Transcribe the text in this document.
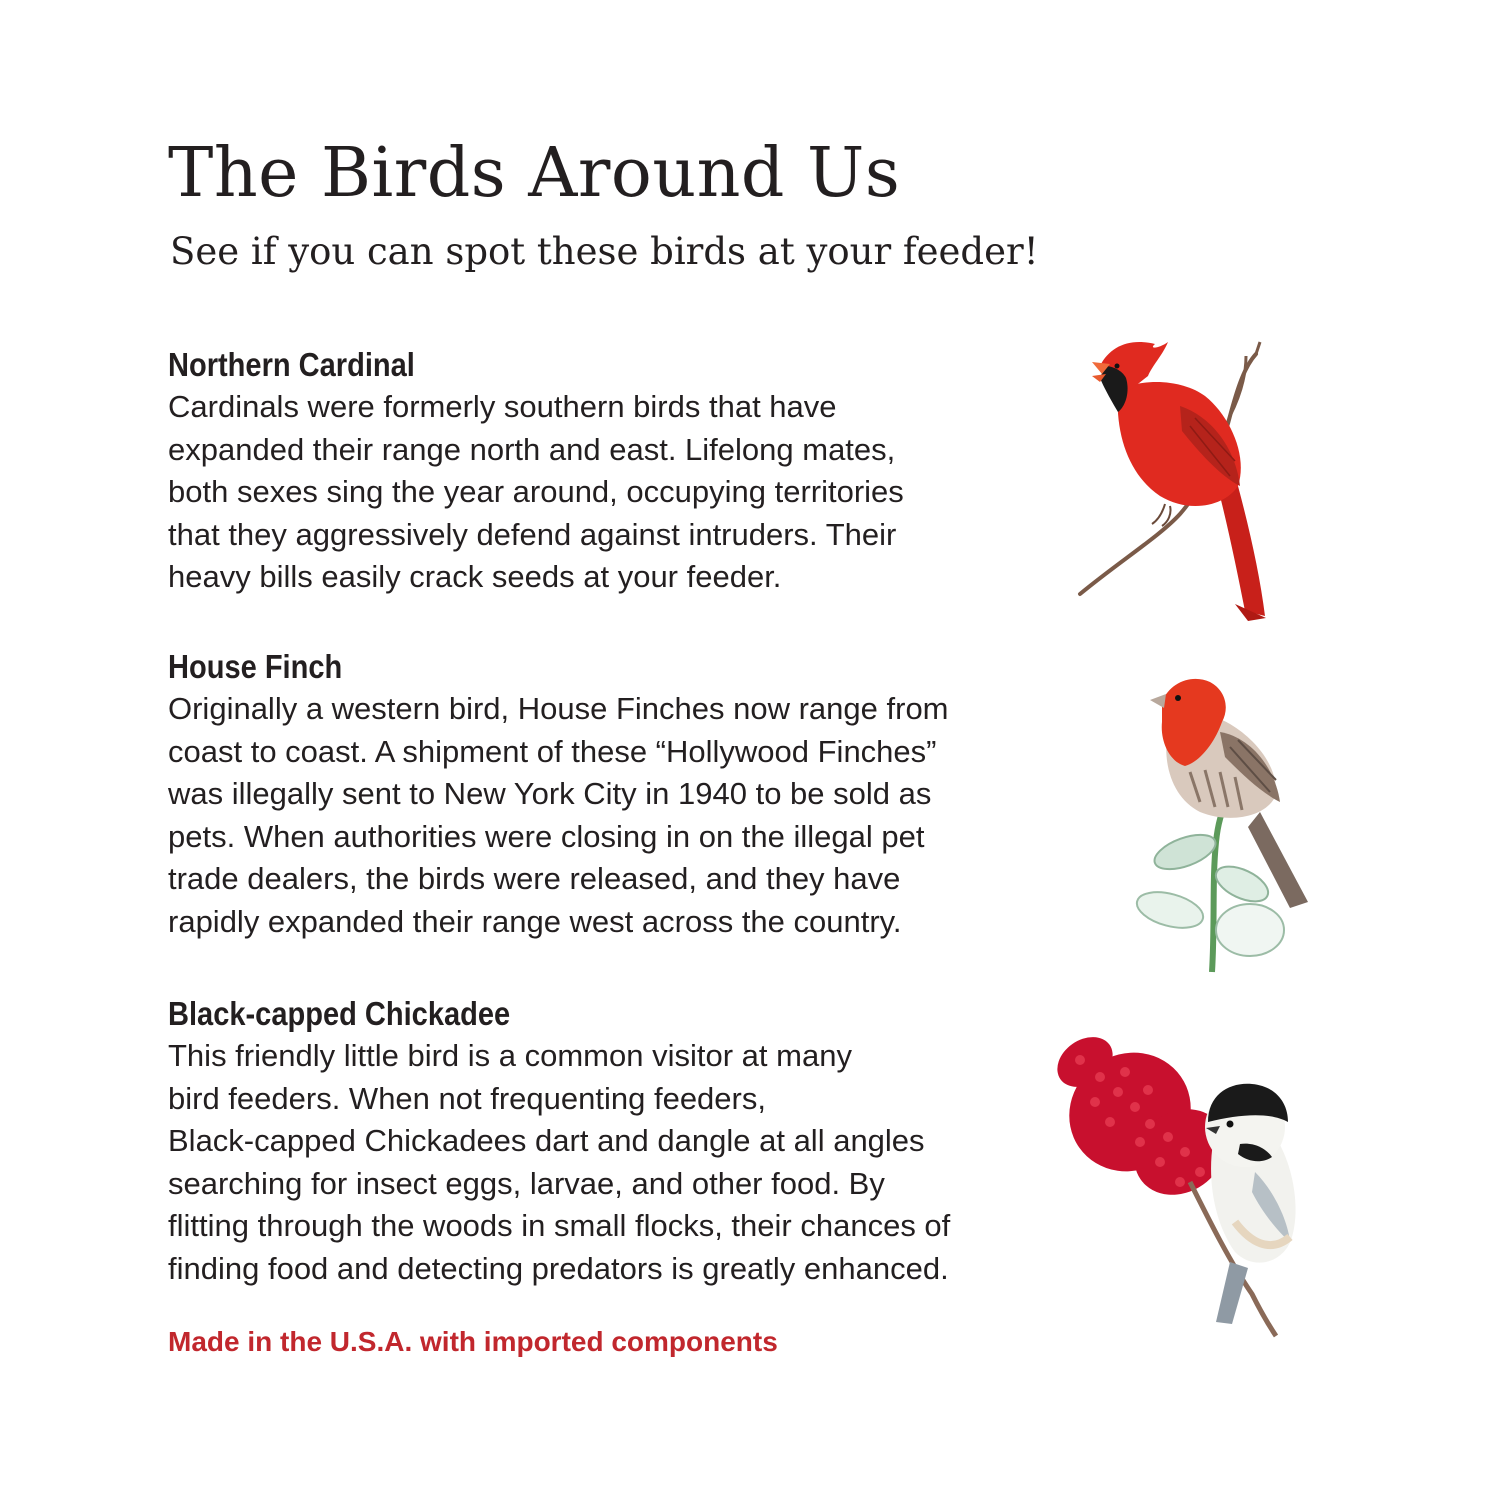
The Birds Around Us

See if you can spot these birds at your feeder!

Northern Cardinal

Cardinals were formerly southern birds that have
expanded their range north and east. Lifelong mates,
both sexes sing the year around, occupying territories
that they aggressively defend against intruders. Their
heavy bills easily crack seeds at your feeder.

House Finch

Originally a western bird, House Finches now range from
coast to coast. A shipment of these “Hollywood Finches”
was illegally sent to New York City in 1940 to be sold as
pets. When authorities were closing in on the illegal pet
trade dealers, the birds were released, and they have
rapidly expanded their range west across the country.

Black-capped Chickadee

This friendly little bird is a common visitor at many
bird feeders. When not frequenting feeders,
Black-capped Chickadees dart and dangle at all angles
searching for insect eggs, larvae, and other food. By
flitting through the woods in small flocks, their chances of
finding food and detecting predators is greatly enhanced.

Made in the U.S.A. with imported components
